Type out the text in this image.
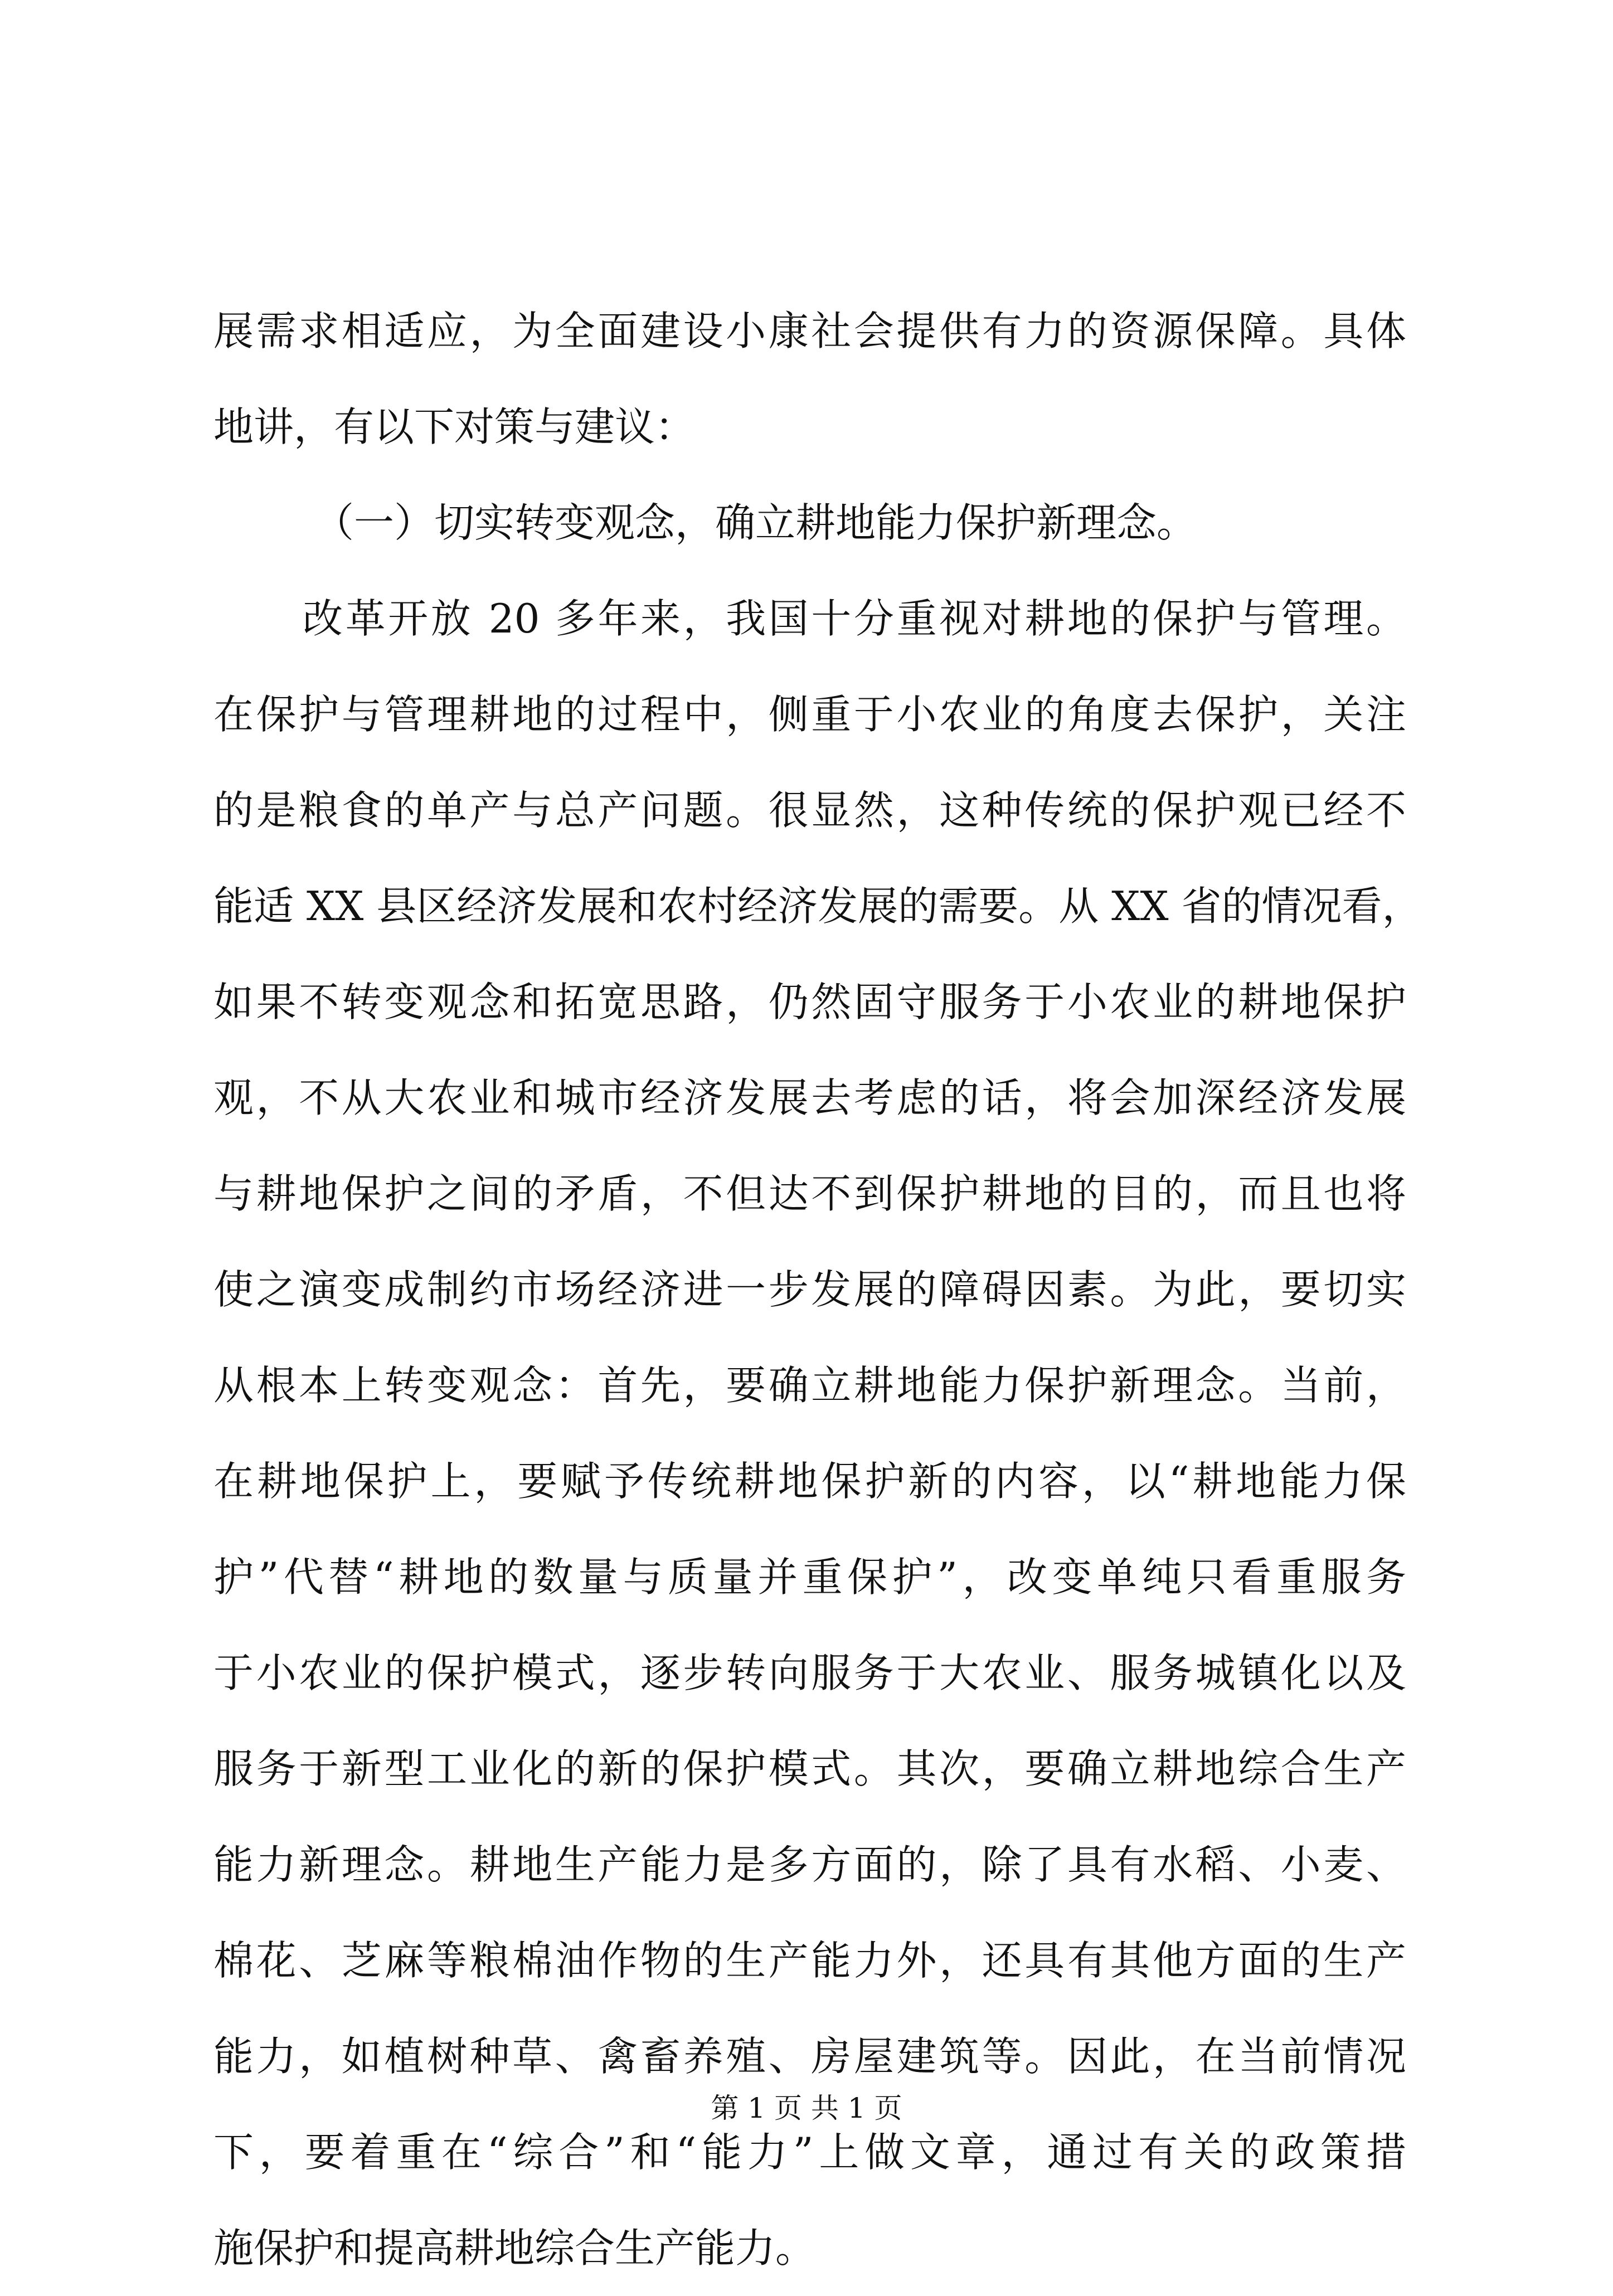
展需求相适应，为全面建设小康社会提供有力的资源保障。具体
地讲，有以下对策与建议：
（一）切实转变观念，确立耕地能力保护新理念。
改革开放 20 多年来，我国十分重视对耕地的保护与管理。
在保护与管理耕地的过程中，侧重于小农业的角度去保护，关注
的是粮食的单产与总产问题。很显然，这种传统的保护观已经不
能适 XX 县区经济发展和农村经济发展的需要。从 XX 省的情况看，
如果不转变观念和拓宽思路，仍然固守服务于小农业的耕地保护
观，不从大农业和城市经济发展去考虑的话，将会加深经济发展
与耕地保护之间的矛盾，不但达不到保护耕地的目的，而且也将
使之演变成制约市场经济进一步发展的障碍因素。为此，要切实
从根本上转变观念：首先，要确立耕地能力保护新理念。当前，
在耕地保护上，要赋予传统耕地保护新的内容，以“耕地能力保
护”代替“耕地的数量与质量并重保护”，改变单纯只看重服务
于小农业的保护模式，逐步转向服务于大农业、服务城镇化以及
服务于新型工业化的新的保护模式。其次，要确立耕地综合生产
能力新理念。耕地生产能力是多方面的，除了具有水稻、小麦、
棉花、芝麻等粮棉油作物的生产能力外，还具有其他方面的生产
能力，如植树种草、禽畜养殖、房屋建筑等。因此，在当前情况
下，要着重在“综合”和“能力”上做文章，通过有关的政策措
施保护和提高耕地综合生产能力。
第 1 页 共 1 页
